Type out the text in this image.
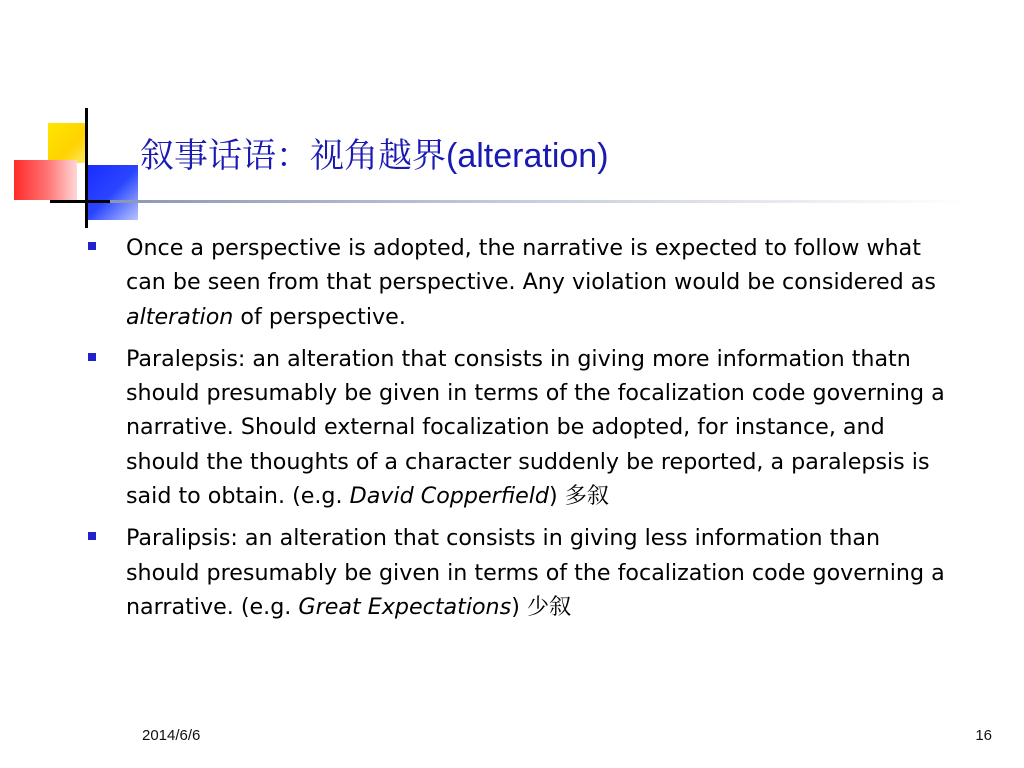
叙事话语：视角越界(alteration)
Once a perspective is adopted, the narrative is expected to follow what can be seen from that perspective. Any violation would be considered as alteration of perspective.
Paralepsis: an alteration that consists in giving more information thatn should presumably be given in terms of the focalization code governing a narrative. Should external focalization be adopted, for instance, and should the thoughts of a character suddenly be reported, a paralepsis is said to obtain. (e.g. David Copperfield) 多叙
Paralipsis: an alteration that consists in giving less information than should presumably be given in terms of the focalization code governing a narrative. (e.g. Great Expectations) 少叙
2014/6/6	16
